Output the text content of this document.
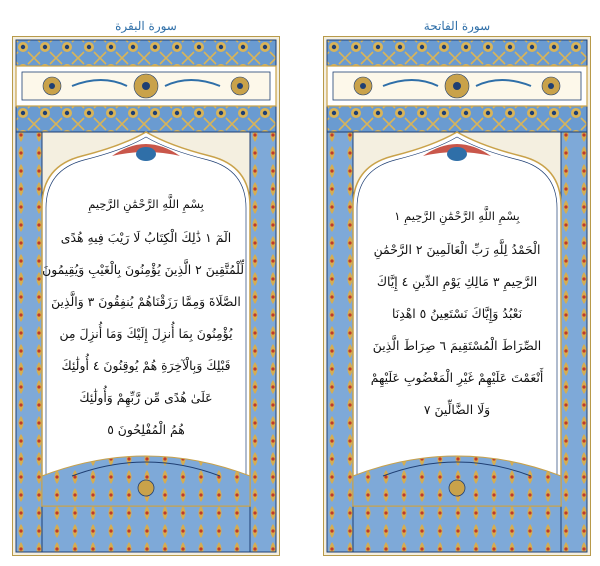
سورة البقرة
بِسْمِ اللَّهِ الرَّحْمَٰنِ الرَّحِيمِ
الٓمٓ ١ ذَٰلِكَ الْكِتَابُ لَا رَيْبَ فِيهِ هُدًى
لِّلْمُتَّقِينَ ٢ الَّذِينَ يُؤْمِنُونَ بِالْغَيْبِ وَيُقِيمُونَ
الصَّلَاةَ وَمِمَّا رَزَقْنَاهُمْ يُنفِقُونَ ٣ وَالَّذِينَ
يُؤْمِنُونَ بِمَا أُنزِلَ إِلَيْكَ وَمَا أُنزِلَ مِن
قَبْلِكَ وَبِالْآخِرَةِ هُمْ يُوقِنُونَ ٤ أُولَٰئِكَ
عَلَىٰ هُدًى مِّن رَّبِّهِمْ وَأُولَٰئِكَ
هُمُ الْمُفْلِحُونَ ٥
سورة الفاتحة
بِسْمِ اللَّهِ الرَّحْمَٰنِ الرَّحِيمِ ١
الْحَمْدُ لِلَّهِ رَبِّ الْعَالَمِينَ ٢ الرَّحْمَٰنِ
الرَّحِيمِ ٣ مَالِكِ يَوْمِ الدِّينِ ٤ إِيَّاكَ
نَعْبُدُ وَإِيَّاكَ نَسْتَعِينُ ٥ اهْدِنَا
الصِّرَاطَ الْمُسْتَقِيمَ ٦ صِرَاطَ الَّذِينَ
أَنْعَمْتَ عَلَيْهِمْ غَيْرِ الْمَغْضُوبِ عَلَيْهِمْ
وَلَا الضَّالِّينَ ٧
